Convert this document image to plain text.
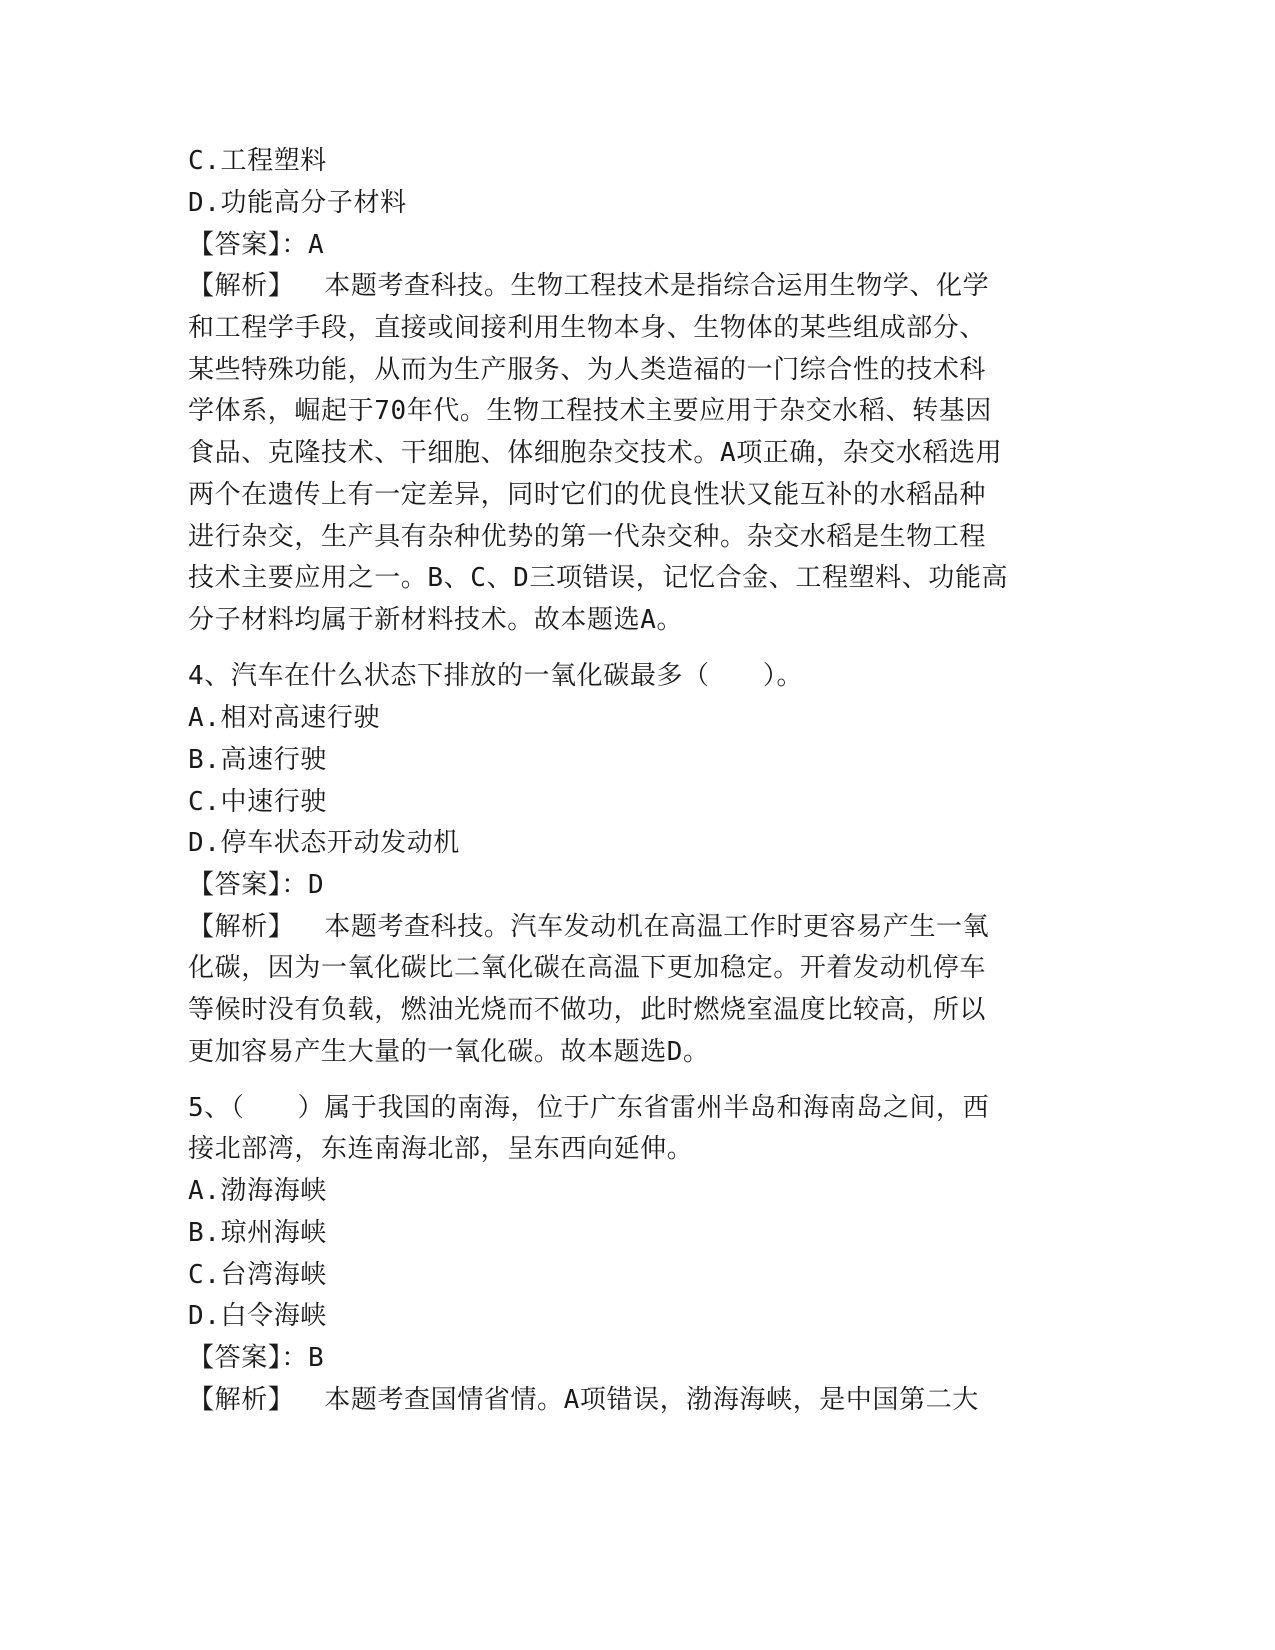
C.工程塑料
D.功能高分子材料
【答案】：A
【解析】　 本题考查科技。生物工程技术是指综合运用生物学、化学
和工程学手段，直接或间接利用生物本身、生物体的某些组成部分、
某些特殊功能，从而为生产服务、为人类造福的一门综合性的技术科
学体系，崛起于70年代。生物工程技术主要应用于杂交水稻、转基因
食品、克隆技术、干细胞、体细胞杂交技术。A项正确，杂交水稻选用
两个在遗传上有一定差异，同时它们的优良性状又能互补的水稻品种
进行杂交，生产具有杂种优势的第一代杂交种。杂交水稻是生物工程
技术主要应用之一。B、C、D三项错误，记忆合金、工程塑料、功能高
分子材料均属于新材料技术。故本题选A。
4、汽车在什么状态下排放的一氧化碳最多（　　）。
A.相对高速行驶
B.高速行驶
C.中速行驶
D.停车状态开动发动机
【答案】：D
【解析】　 本题考查科技。汽车发动机在高温工作时更容易产生一氧
化碳，因为一氧化碳比二氧化碳在高温下更加稳定。开着发动机停车
等候时没有负载，燃油光烧而不做功，此时燃烧室温度比较高，所以
更加容易产生大量的一氧化碳。故本题选D。
5、（　　）属于我国的南海，位于广东省雷州半岛和海南岛之间，西
接北部湾，东连南海北部，呈东西向延伸。
A.渤海海峡
B.琼州海峡
C.台湾海峡
D.白令海峡
【答案】：B
【解析】　 本题考查国情省情。A项错误，渤海海峡，是中国第二大
